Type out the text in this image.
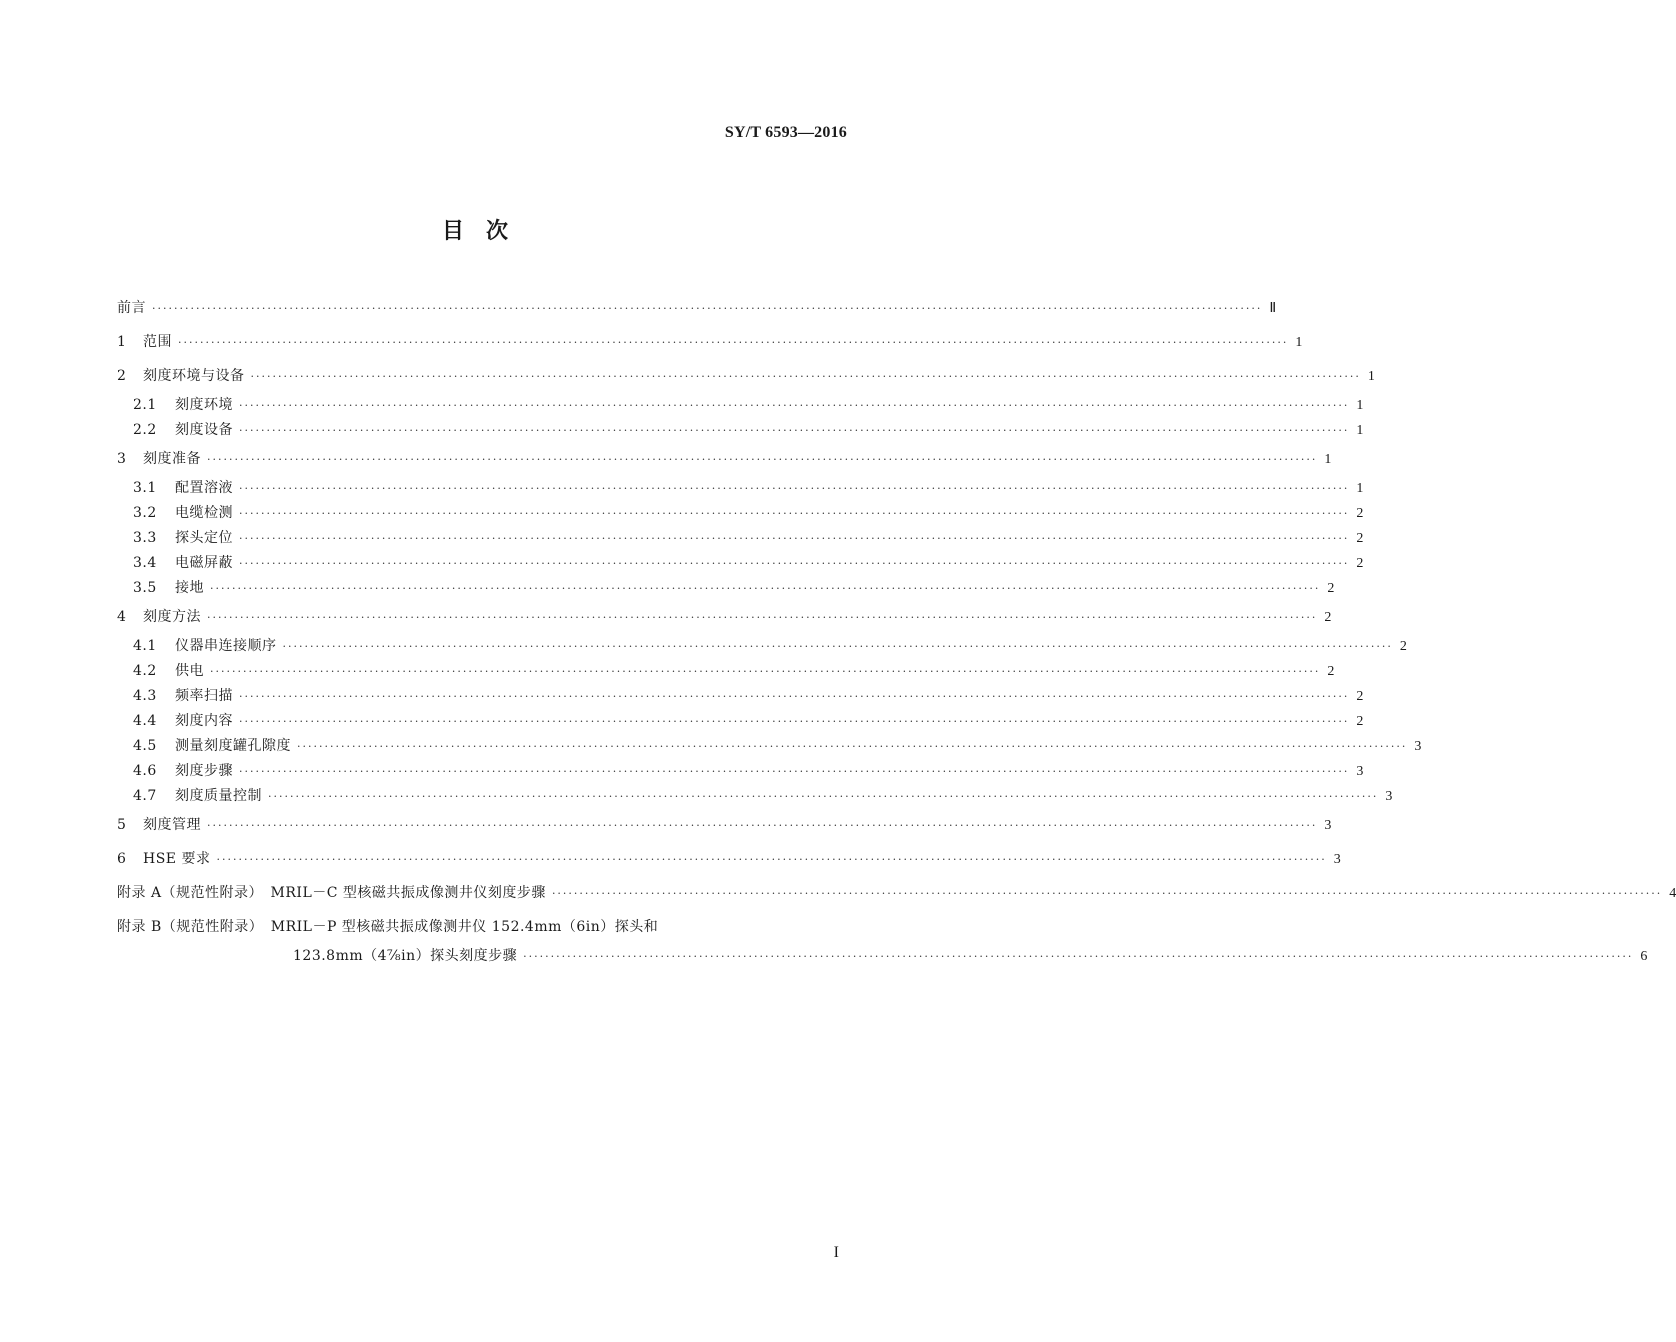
SY/T 6593—2016
目　次
前言 ·····	Ⅱ
1 范围 ·····	1
2 刻度环境与设备 ·····	1
2.1 刻度环境 ·····	1
2.2 刻度设备 ·····	1
3 刻度准备 ·····	1
3.1 配置溶液 ·····	1
3.2 电缆检测 ·····	2
3.3 探头定位 ·····	2
3.4 电磁屏蔽 ·····	2
3.5 接地 ·····	2
4 刻度方法 ·····	2
4.1 仪器串连接顺序 ·····	2
4.2 供电 ·····	2
4.3 频率扫描 ·····	2
4.4 刻度内容 ·····	2
4.5 测量刻度罐孔隙度 ·····	3
4.6 刻度步骤 ·····	3
4.7 刻度质量控制 ·····	3
5 刻度管理 ·····	3
6 HSE 要求 ·····	3
附录 A（规范性附录）　MRIL－C 型核磁共振成像测井仪刻度步骤 ·····	4
附录 B（规范性附录）　MRIL－P 型核磁共振成像测井仪 152.4mm（6in）探头和
123.8mm（4⅞in）探头刻度步骤 ·····	6
I
